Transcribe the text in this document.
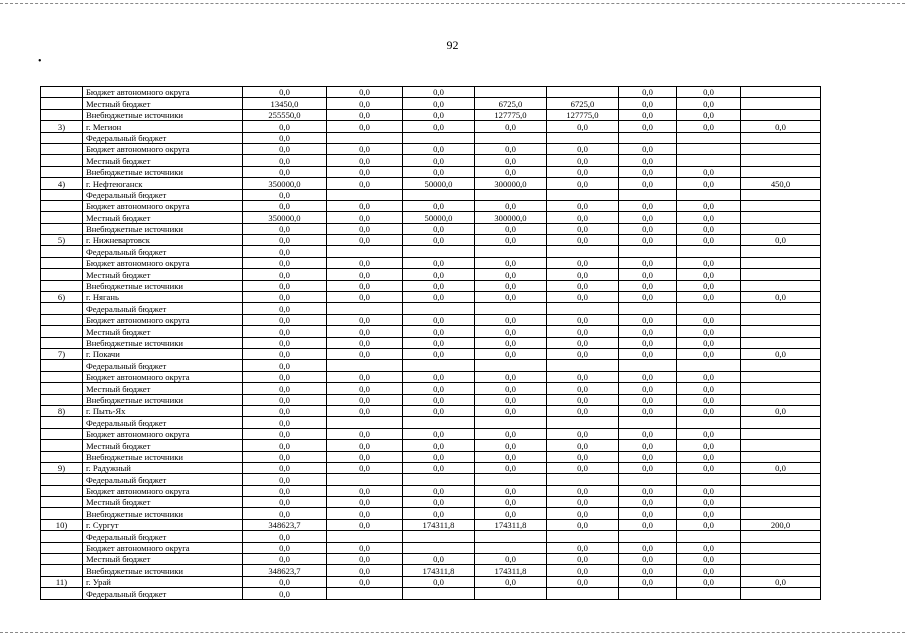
92
•
	Бюджет автономного округа	0,0	0,0	0,0			0,0	0,0	
	Местный бюджет	13450,0	0,0	0,0	6725,0	6725,0	0,0	0,0	
	Внебюджетные источники	255550,0	0,0	0,0	127775,0	127775,0	0,0	0,0	
3)	г. Мегион	0,0	0,0	0,0	0,0	0,0	0,0	0,0	0,0
	Федеральный бюджет	0,0							
	Бюджет автономного округа	0,0	0,0	0,0	0,0	0,0	0,0		
	Местный бюджет	0,0	0,0	0,0	0,0	0,0	0,0		
	Внебюджетные источники	0,0	0,0	0,0	0,0	0,0	0,0	0,0	
4)	г. Нефтеюганск	350000,0	0,0	50000,0	300000,0	0,0	0,0	0,0	450,0
	Федеральный бюджет	0,0							
	Бюджет автономного округа	0,0	0,0	0,0	0,0	0,0	0,0	0,0	
	Местный бюджет	350000,0	0,0	50000,0	300000,0	0,0	0,0	0,0	
	Внебюджетные источники	0,0	0,0	0,0	0,0	0,0	0,0	0,0	
5)	г. Нижневартовск	0,0	0,0	0,0	0,0	0,0	0,0	0,0	0,0
	Федеральный бюджет	0,0							
	Бюджет автономного округа	0,0	0,0	0,0	0,0	0,0	0,0	0,0	
	Местный бюджет	0,0	0,0	0,0	0,0	0,0	0,0	0,0	
	Внебюджетные источники	0,0	0,0	0,0	0,0	0,0	0,0	0,0	
6)	г. Нягань	0,0	0,0	0,0	0,0	0,0	0,0	0,0	0,0
	Федеральный бюджет	0,0							
	Бюджет автономного округа	0,0	0,0	0,0	0,0	0,0	0,0	0,0	
	Местный бюджет	0,0	0,0	0,0	0,0	0,0	0,0	0,0	
	Внебюджетные источники	0,0	0,0	0,0	0,0	0,0	0,0	0,0	
7)	г. Покачи	0,0	0,0	0,0	0,0	0,0	0,0	0,0	0,0
	Федеральный бюджет	0,0							
	Бюджет автономного округа	0,0	0,0	0,0	0,0	0,0	0,0	0,0	
	Местный бюджет	0,0	0,0	0,0	0,0	0,0	0,0	0,0	
	Внебюджетные источники	0,0	0,0	0,0	0,0	0,0	0,0	0,0	
8)	г. Пыть-Ях	0,0	0,0	0,0	0,0	0,0	0,0	0,0	0,0
	Федеральный бюджет	0,0							
	Бюджет автономного округа	0,0	0,0	0,0	0,0	0,0	0,0	0,0	
	Местный бюджет	0,0	0,0	0,0	0,0	0,0	0,0	0,0	
	Внебюджетные источники	0,0	0,0	0,0	0,0	0,0	0,0	0,0	
9)	г. Радужный	0,0	0,0	0,0	0,0	0,0	0,0	0,0	0,0
	Федеральный бюджет	0,0							
	Бюджет автономного округа	0,0	0,0	0,0	0,0	0,0	0,0	0,0	
	Местный бюджет	0,0	0,0	0,0	0,0	0,0	0,0	0,0	
	Внебюджетные источники	0,0	0,0	0,0	0,0	0,0	0,0	0,0	
10)	г. Сургут	348623,7	0,0	174311,8	174311,8	0,0	0,0	0,0	200,0
	Федеральный бюджет	0,0							
	Бюджет автономного округа	0,0	0,0			0,0	0,0	0,0	
	Местный бюджет	0,0	0,0	0,0	0,0	0,0	0,0	0,0	
	Внебюджетные источники	348623,7	0,0	174311,8	174311,8	0,0	0,0	0,0	
11)	г. Урай	0,0	0,0	0,0	0,0	0,0	0,0	0,0	0,0
	Федеральный бюджет	0,0							
